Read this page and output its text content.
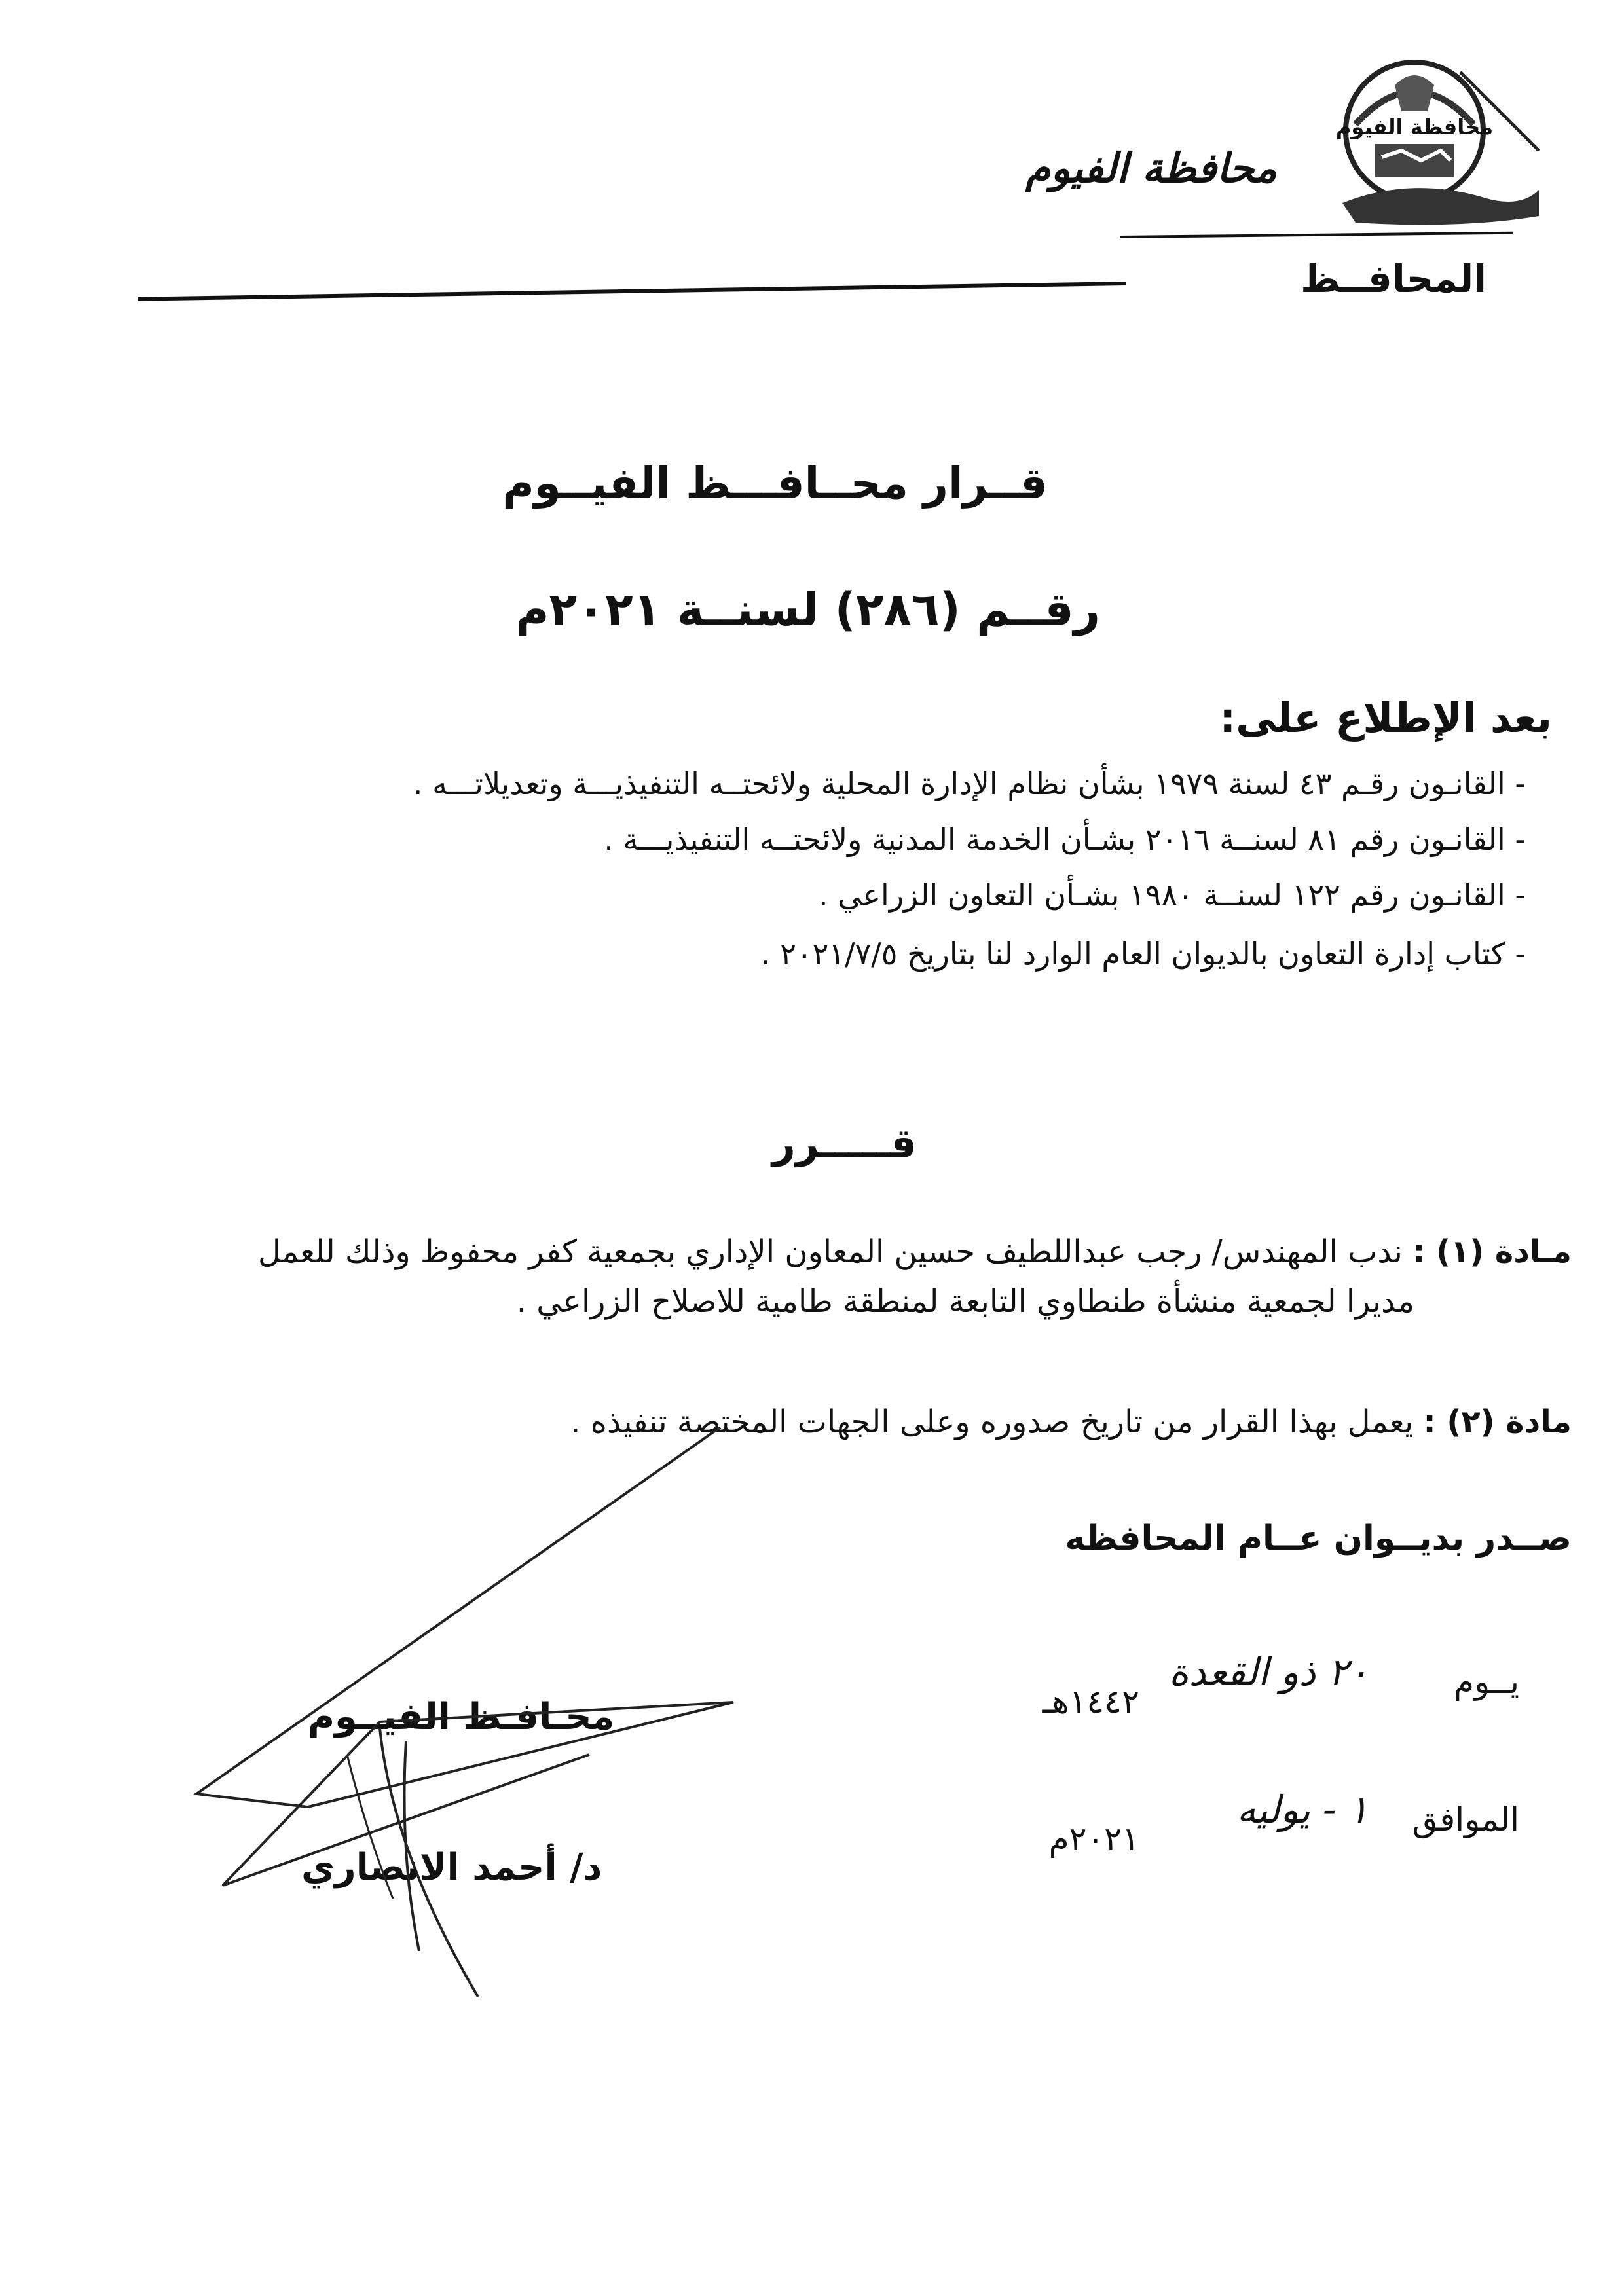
محافظة الفيوم
محافظة الفيوم
المحافــظ
قــرار محــافـــظ الفيــوم
رقــم (٢٨٦) لسنــة ٢٠٢١م
بعد الإطلاع على:
- القانـون رقـم ٤٣ لسنة ١٩٧٩ بشأن نظام الإدارة المحلية ولائحتــه التنفيذيـــة وتعديلاتـــه .
- القانـون رقم ٨١ لسنــة ٢٠١٦ بشـأن الخدمة المدنية ولائحتــه التنفيذيـــة .
- القانـون رقم ١٢٢ لسنــة ١٩٨٠ بشـأن التعاون الزراعي .
- كتاب إدارة التعاون بالديوان العام الوارد لنا بتاريخ ٢٠٢١/٧/٥ .
قـــــرر
مـادة (١) : ندب المهندس/ رجب عبداللطيف حسين المعاون الإداري بجمعية كفر محفوظ وذلك للعمل
مديرا لجمعية منشأة طنطاوي التابعة لمنطقة طامية للاصلاح الزراعي .
مادة (٢) : يعمل بهذا القرار من تاريخ صدوره وعلى الجهات المختصة تنفيذه .
صــدر بديــوان عــام المحافظه
يــوم
٢٠ ذو القعدة
١٤٤٢هـ
الموافق
١ - يوليه
٢٠٢١م
محـافـظ الفيــوم
د/ أحمد الانصاري
